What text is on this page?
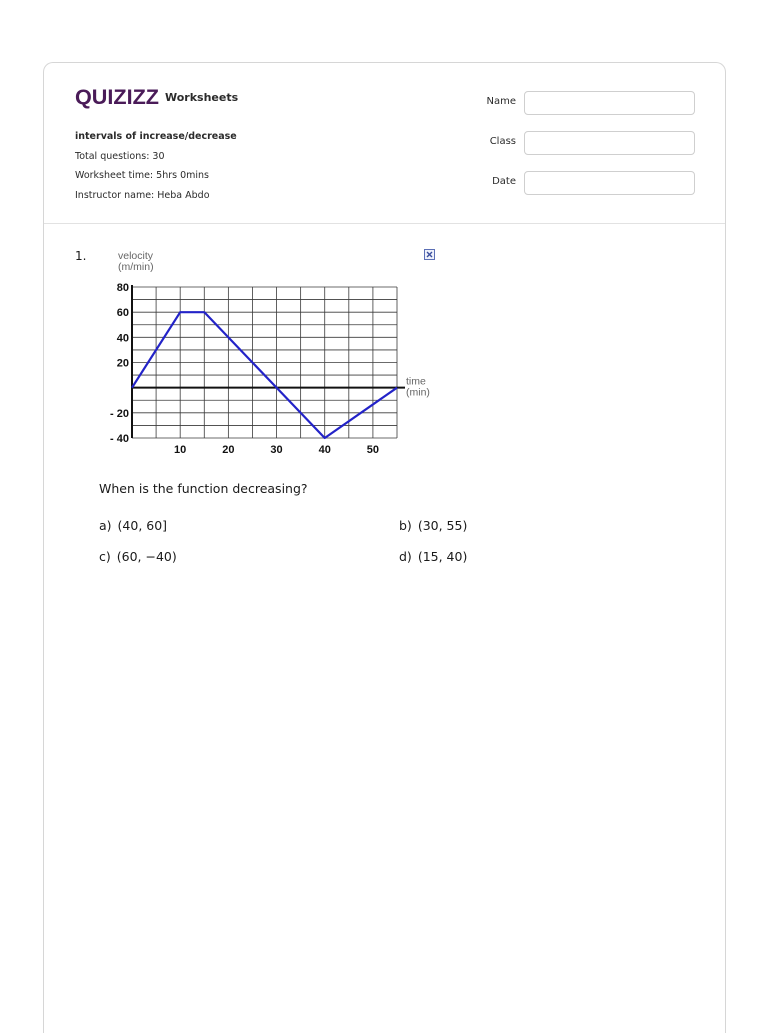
QUIZIZZ Worksheets
intervals of increase/decrease
Total questions: 30
Worksheet time: 5hrs 0mins
Instructor name: Heba Abdo
Name
Class
Date
1.
80
60
40
20
- 20
- 40
10	20	30	40	50
velocity
(m/min)
time
(min)
When is the function decreasing?
a) (40, 60]	b) (30, 55)
c) (60, −40)	d) (15, 40)
